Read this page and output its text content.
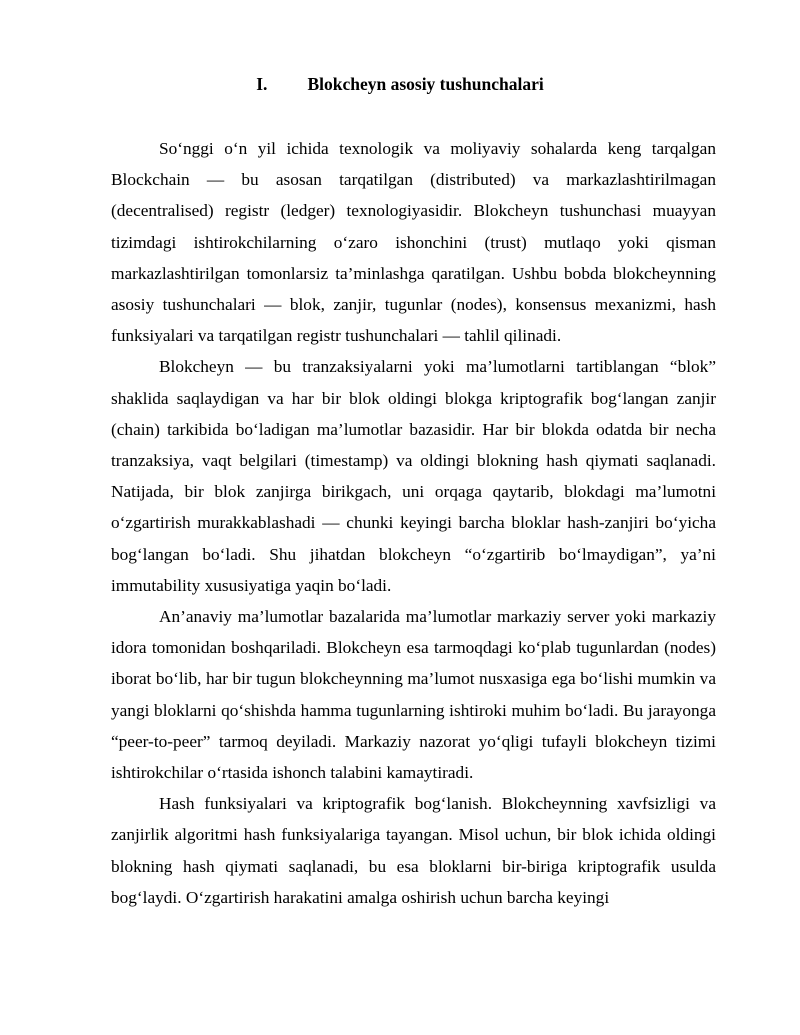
I. Blokcheyn asosiy tushunchalari

So‘nggi o‘n yil ichida texnologik va moliyaviy sohalarda keng tarqalgan Blockchain — bu asosan tarqatilgan (distributed) va markazlashtirilmagan (decentralised) registr (ledger) texnologiyasidir. Blokcheyn tushunchasi muayyan tizimdagi ishtirokchilarning o‘zaro ishonchini (trust) mutlaqo yoki qisman markazlashtirilgan tomonlarsiz ta’minlashga qaratilgan. Ushbu bobda blokcheynning asosiy tushunchalari — blok, zanjir, tugunlar (nodes), konsensus mexanizmi, hash funksiyalari va tarqatilgan registr tushunchalari — tahlil qilinadi.

Blokcheyn — bu tranzaksiyalarni yoki ma’lumotlarni tartiblangan “blok” shaklida saqlaydigan va har bir blok oldingi blokga kriptografik bog‘langan zanjir (chain) tarkibida bo‘ladigan ma’lumotlar bazasidir. Har bir blokda odatda bir necha tranzaksiya, vaqt belgilari (timestamp) va oldingi blokning hash qiymati saqlanadi. Natijada, bir blok zanjirga birikgach, uni orqaga qaytarib, blokdagi ma’lumotni o‘zgartirish murakkablashadi — chunki keyingi barcha bloklar hash-zanjiri bo‘yicha bog‘langan bo‘ladi. Shu jihatdan blokcheyn “o‘zgartirib bo‘lmaydigan”, ya’ni immutability xususiyatiga yaqin bo‘ladi.

An’anaviy ma’lumotlar bazalarida ma’lumotlar markaziy server yoki markaziy idora tomonidan boshqariladi. Blokcheyn esa tarmoqdagi ko‘plab tugunlardan (nodes) iborat bo‘lib, har bir tugun blokcheynning ma’lumot nusxasiga ega bo‘lishi mumkin va yangi bloklarni qo‘shishda hamma tugunlarning ishtiroki muhim bo‘ladi. Bu jarayonga “peer-to-peer” tarmoq deyiladi. Markaziy nazorat yo‘qligi tufayli blokcheyn tizimi ishtirokchilar o‘rtasida ishonch talabini kamaytiradi.

Hash funksiyalari va kriptografik bog‘lanish. Blokcheynning xavfsizligi va zanjirlik algoritmi hash funksiyalariga tayangan. Misol uchun, bir blok ichida oldingi blokning hash qiymati saqlanadi, bu esa bloklarni bir-biriga kriptografik usulda bog‘laydi. O‘zgartirish harakatini amalga oshirish uchun barcha keyingi
